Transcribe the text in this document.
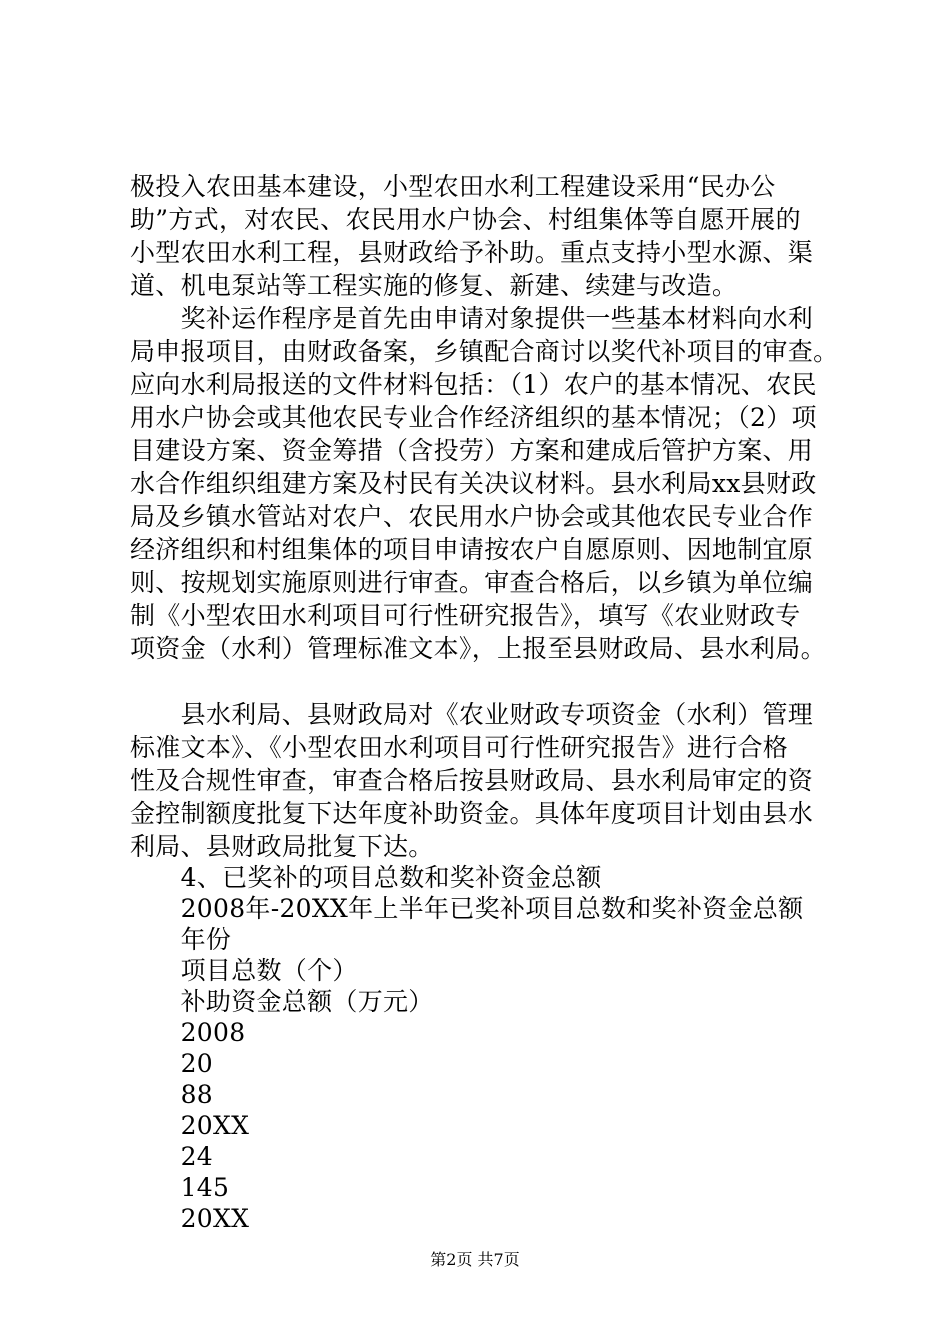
极投入农田基本建设，小型农田水利工程建设采用“民办公
助”方式，对农民、农民用水户协会、村组集体等自愿开展的
小型农田水利工程，县财政给予补助。重点支持小型水源、渠
道、机电泵站等工程实施的修复、新建、续建与改造。
　　奖补运作程序是首先由申请对象提供一些基本材料向水利
局申报项目，由财政备案，乡镇配合商讨以奖代补项目的审查。
应向水利局报送的文件材料包括：（1）农户的基本情况、农民
用水户协会或其他农民专业合作经济组织的基本情况；（2）项
目建设方案、资金筹措（含投劳）方案和建成后管护方案、用
水合作组织组建方案及村民有关决议材料。县水利局xx县财政
局及乡镇水管站对农户、农民用水户协会或其他农民专业合作
经济组织和村组集体的项目申请按农户自愿原则、因地制宜原
则、按规划实施原则进行审查。审查合格后，以乡镇为单位编
制《小型农田水利项目可行性研究报告》，填写《农业财政专
项资金（水利）管理标准文本》，上报至县财政局、县水利局。
　　县水利局、县财政局对《农业财政专项资金（水利）管理
标准文本》、《小型农田水利项目可行性研究报告》进行合格
性及合规性审查，审查合格后按县财政局、县水利局审定的资
金控制额度批复下达年度补助资金。具体年度项目计划由县水
利局、县财政局批复下达。
　　4、已奖补的项目总数和奖补资金总额
　　2008年-20XX年上半年已奖补项目总数和奖补资金总额
　　年份
　　项目总数（个）
　　补助资金总额（万元）
　　2008
　　20
　　88
　　20XX
　　24
　　145
　　20XX
第2页 共7页
